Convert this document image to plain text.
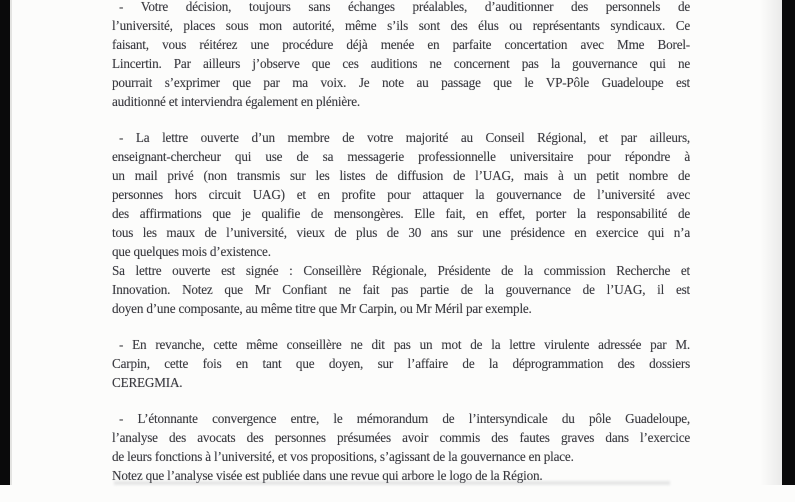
- Votre décision, toujours sans échanges préalables, d’auditionner des personnels de
l’université, places sous mon autorité, même s’ils sont des élus ou représentants syndicaux. Ce
faisant, vous réitérez une procédure déjà menée en parfaite concertation avec Mme Borel-
Lincertin. Par ailleurs j’observe que ces auditions ne concernent pas la gouvernance qui ne
pourrait s’exprimer que par ma voix. Je note au passage que le VP-Pôle Guadeloupe est
auditionné et interviendra également en plénière.
- La lettre ouverte d’un membre de votre majorité au Conseil Régional, et par ailleurs,
enseignant-chercheur qui use de sa messagerie professionnelle universitaire pour répondre à
un mail privé (non transmis sur les listes de diffusion de l’UAG, mais à un petit nombre de
personnes hors circuit UAG) et en profite pour attaquer la gouvernance de l’université avec
des affirmations que je qualifie de mensongères. Elle fait, en effet, porter la responsabilité de
tous les maux de l’université, vieux de plus de 30 ans sur une présidence en exercice qui n’a
que quelques mois d’existence.
Sa lettre ouverte est signée : Conseillère Régionale, Présidente de la commission Recherche et
Innovation. Notez que Mr Confiant ne fait pas partie de la gouvernance de l’UAG, il est
doyen d’une composante, au même titre que Mr Carpin, ou Mr Méril par exemple.
- En revanche, cette même conseillère ne dit pas un mot de la lettre virulente adressée par M.
Carpin, cette fois en tant que doyen, sur l’affaire de la déprogrammation des dossiers
CEREGMIA.
- L’étonnante convergence entre, le mémorandum de l’intersyndicale du pôle Guadeloupe,
l’analyse des avocats des personnes présumées avoir commis des fautes graves dans l’exercice
de leurs fonctions à l’université, et vos propositions, s’agissant de la gouvernance en place.
Notez que l’analyse visée est publiée dans une revue qui arbore le logo de la Région.
